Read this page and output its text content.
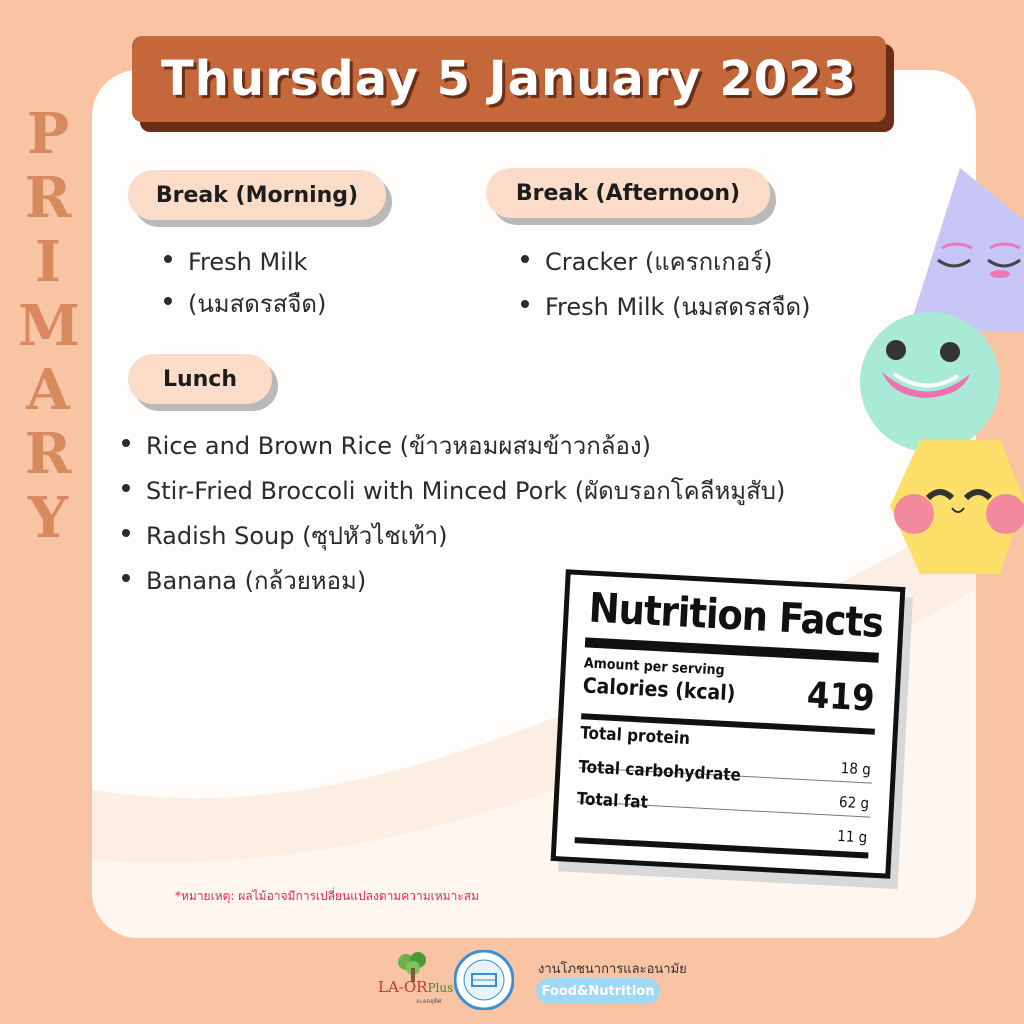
P
R
I
M
A
R
Y
Thursday 5 January 2023
Break (Morning)
Fresh Milk
(นมสดรสจืด)
Break (Afternoon)
Cracker (แครกเกอร์)
Fresh Milk (นมสดรสจืด)
Lunch
Rice and Brown Rice (ข้าวหอมผสมข้าวกล้อง)
Stir-Fried Broccoli with Minced Pork (ผัดบรอกโคลีหมูสับ)
Radish Soup (ซุปหัวไชเท้า)
Banana (กล้วยหอม)
Nutrition Facts
Amount per serving
Calories (kcal)	419
Total protein
18 g
Total carbohydrate
62 g
Total fat
11 g
*หมายเหตุ: ผลไม้อาจมีการเปลี่ยนแปลงตามความเหมาะสม
LA-ORPlus
ละอออุทิศ
งานโภชนาการและอนามัย
Food&Nutrition
